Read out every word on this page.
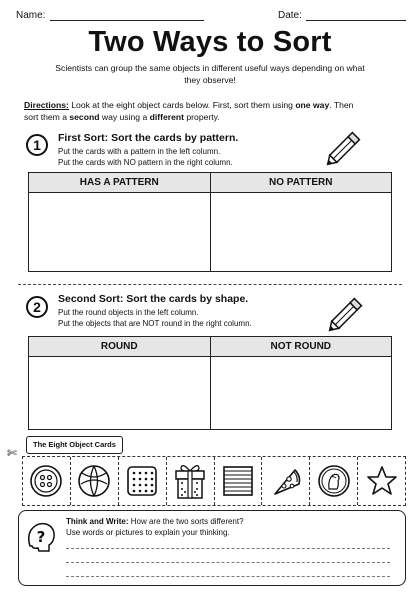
Name:	Date:
Two Ways to Sort
Scientists can group the same objects in different useful ways depending on what they observe!
Directions: Look at the eight object cards below. First, sort them using one way. Then sort them a second way using a different property.
1	First Sort: Sort the cards by pattern.
Put the cards with a pattern in the left column.
Put the cards with NO pattern in the right column.
HAS A PATTERN	NO PATTERN
2	Second Sort: Sort the cards by shape.
Put the round objects in the left column.
Put the objects that are NOT round in the right column.
ROUND	NOT ROUND
The Eight Object Cards
✄
?
Think and Write: How are the two sorts different?
Use words or pictures to explain your thinking.
